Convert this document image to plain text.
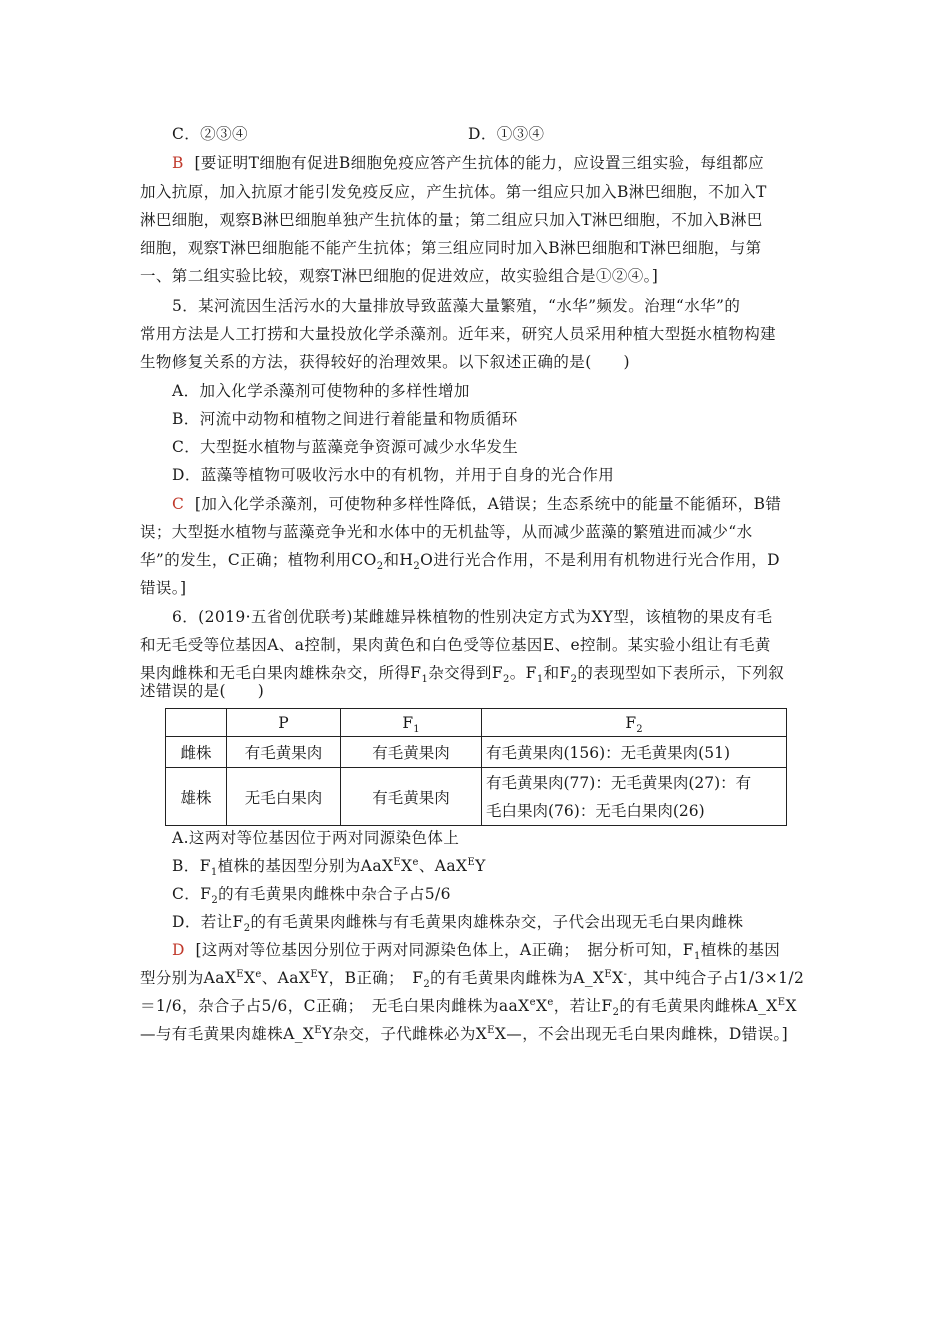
C．②③④	D．①③④
B [要证明T细胞有促进B细胞免疫应答产生抗体的能力，应设置三组实验，每组都应
加入抗原，加入抗原才能引发免疫反应，产生抗体。第一组应只加入B淋巴细胞，不加入T
淋巴细胞，观察B淋巴细胞单独产生抗体的量；第二组应只加入T淋巴细胞，不加入B淋巴
细胞，观察T淋巴细胞能不能产生抗体；第三组应同时加入B淋巴细胞和T淋巴细胞，与第
一、第二组实验比较，观察T淋巴细胞的促进效应，故实验组合是①②④。]
5．某河流因生活污水的大量排放导致蓝藻大量繁殖，“水华”频发。治理“水华”的
常用方法是人工打捞和大量投放化学杀藻剂。近年来，研究人员采用种植大型挺水植物构建
生物修复关系的方法，获得较好的治理效果。以下叙述正确的是(　　)
A．加入化学杀藻剂可使物种的多样性增加
B．河流中动物和植物之间进行着能量和物质循环
C．大型挺水植物与蓝藻竞争资源可减少水华发生
D．蓝藻等植物可吸收污水中的有机物，并用于自身的光合作用
C [加入化学杀藻剂，可使物种多样性降低，A错误；生态系统中的能量不能循环，B错
误；大型挺水植物与蓝藻竞争光和水体中的无机盐等，从而减少蓝藻的繁殖进而减少“水
华”的发生，C正确；植物利用$CO_2$和$H_2O$进行光合作用，不是利用有机物进行光合作用，D
错误。]
6．(2019·五省创优联考)某雌雄异株植物的性别决定方式为XY型，该植物的果皮有毛
和无毛受等位基因A、a控制，果肉黄色和白色受等位基因E、e控制。某实验小组让有毛黄
果肉雌株和无毛白果肉雄株杂交，所得$F_1$杂交得到$F_2$。$F_1$和$F_2$的表现型如下表所示，下列叙
述错误的是(　　)
	P	$F_1$	$F_2$
雌株	有毛黄果肉	有毛黄果肉	有毛黄果肉(156)：无毛黄果肉(51)
雄株	无毛白果肉	有毛黄果肉	有毛黄果肉(77)：无毛黄果肉(27)：有
毛白果肉(76)：无毛白果肉(26)
A.这两对等位基因位于两对同源染色体上
B．$F_1$植株的基因型分别为AaX$^E$Xe、AaX$^E$Y
C．$F_2$的有毛黄果肉雌株中杂合子占5/6
D．若让$F_2$的有毛黄果肉雌株与有毛黄果肉雄株杂交，子代会出现无毛白果肉雌株
D [这两对等位基因分别位于两对同源染色体上，A正确；　据分析可知，$F_1$植株的基因
型分别为AaX$^E$Xe、AaX$^E$Y，B正确；　$F_2$的有毛黄果肉雌株为$A\_X^EX^-$，其中纯合子占1/3×1/2
＝1/6，杂合子占5/6，C正确；　无毛白果肉雌株为aaX$^e$Xe，若让$F_2$的有毛黄果肉雌株$A\_X^EX$
—与有毛黄果肉雄株$A\_X^EY$杂交，子代雌株必为$X^EX—$，不会出现无毛白果肉雌株，D错误。]
